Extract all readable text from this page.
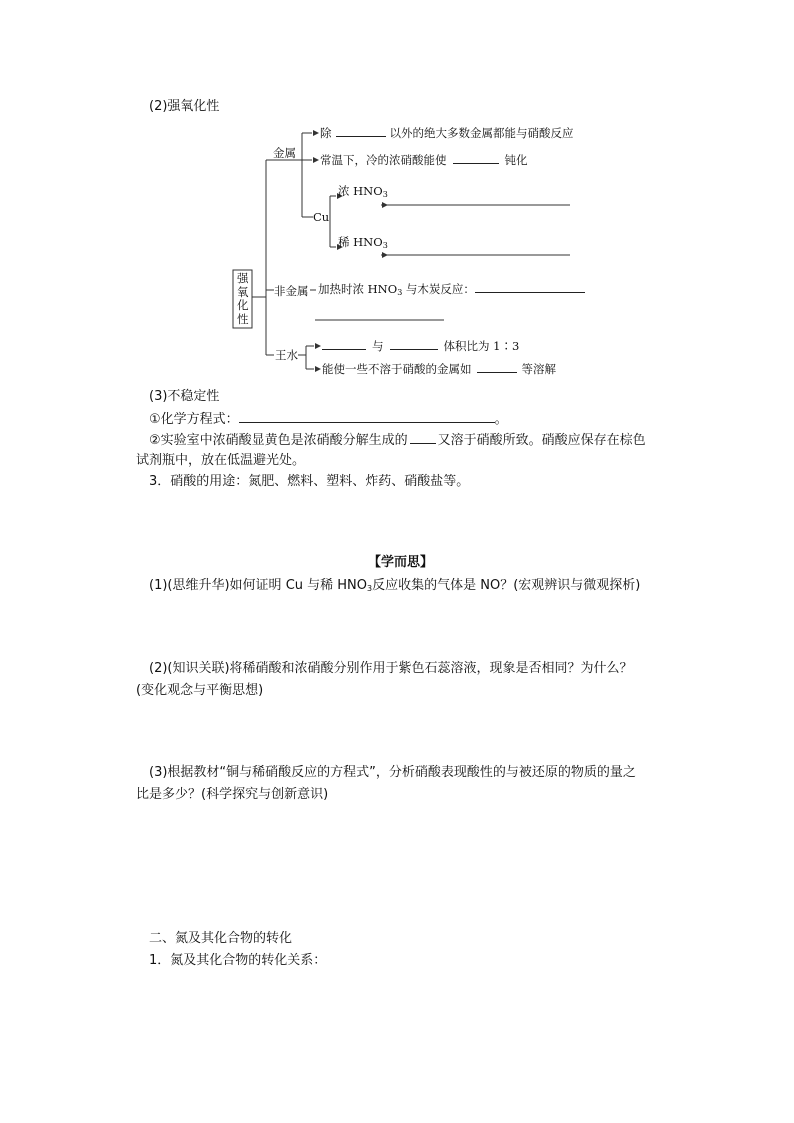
(2)强氧化性
强
氧
化
性
金属
除	以外的绝大多数金属都能与硝酸反应
常温下，冷的浓硝酸能使	钝化
Cu
浓 $HNO_3$
稀 $HNO_3$
非金属 加热时浓 $HNO_3$ 与木炭反应：
王水
与	体积比为 1∶3
能使一些不溶于硝酸的金属如	等溶解
(3)不稳定性
①化学方程式：	。
②实验室中浓硝酸显黄色是浓硝酸分解生成的 又溶于硝酸所致。硝酸应保存在棕色
试剂瓶中，放在低温避光处。
3．硝酸的用途：氮肥、燃料、塑料、炸药、硝酸盐等。
【学而思】
(1)(思维升华)如何证明 Cu 与稀 $HNO_3$反应收集的气体是 NO？(宏观辨识与微观探析)
(2)(知识关联)将稀硝酸和浓硝酸分别作用于紫色石蕊溶液，现象是否相同？为什么？
(变化观念与平衡思想)
(3)根据教材“铜与稀硝酸反应的方程式”，分析硝酸表现酸性的与被还原的物质的量之
比是多少？(科学探究与创新意识)
二、氮及其化合物的转化
1．氮及其化合物的转化关系：
